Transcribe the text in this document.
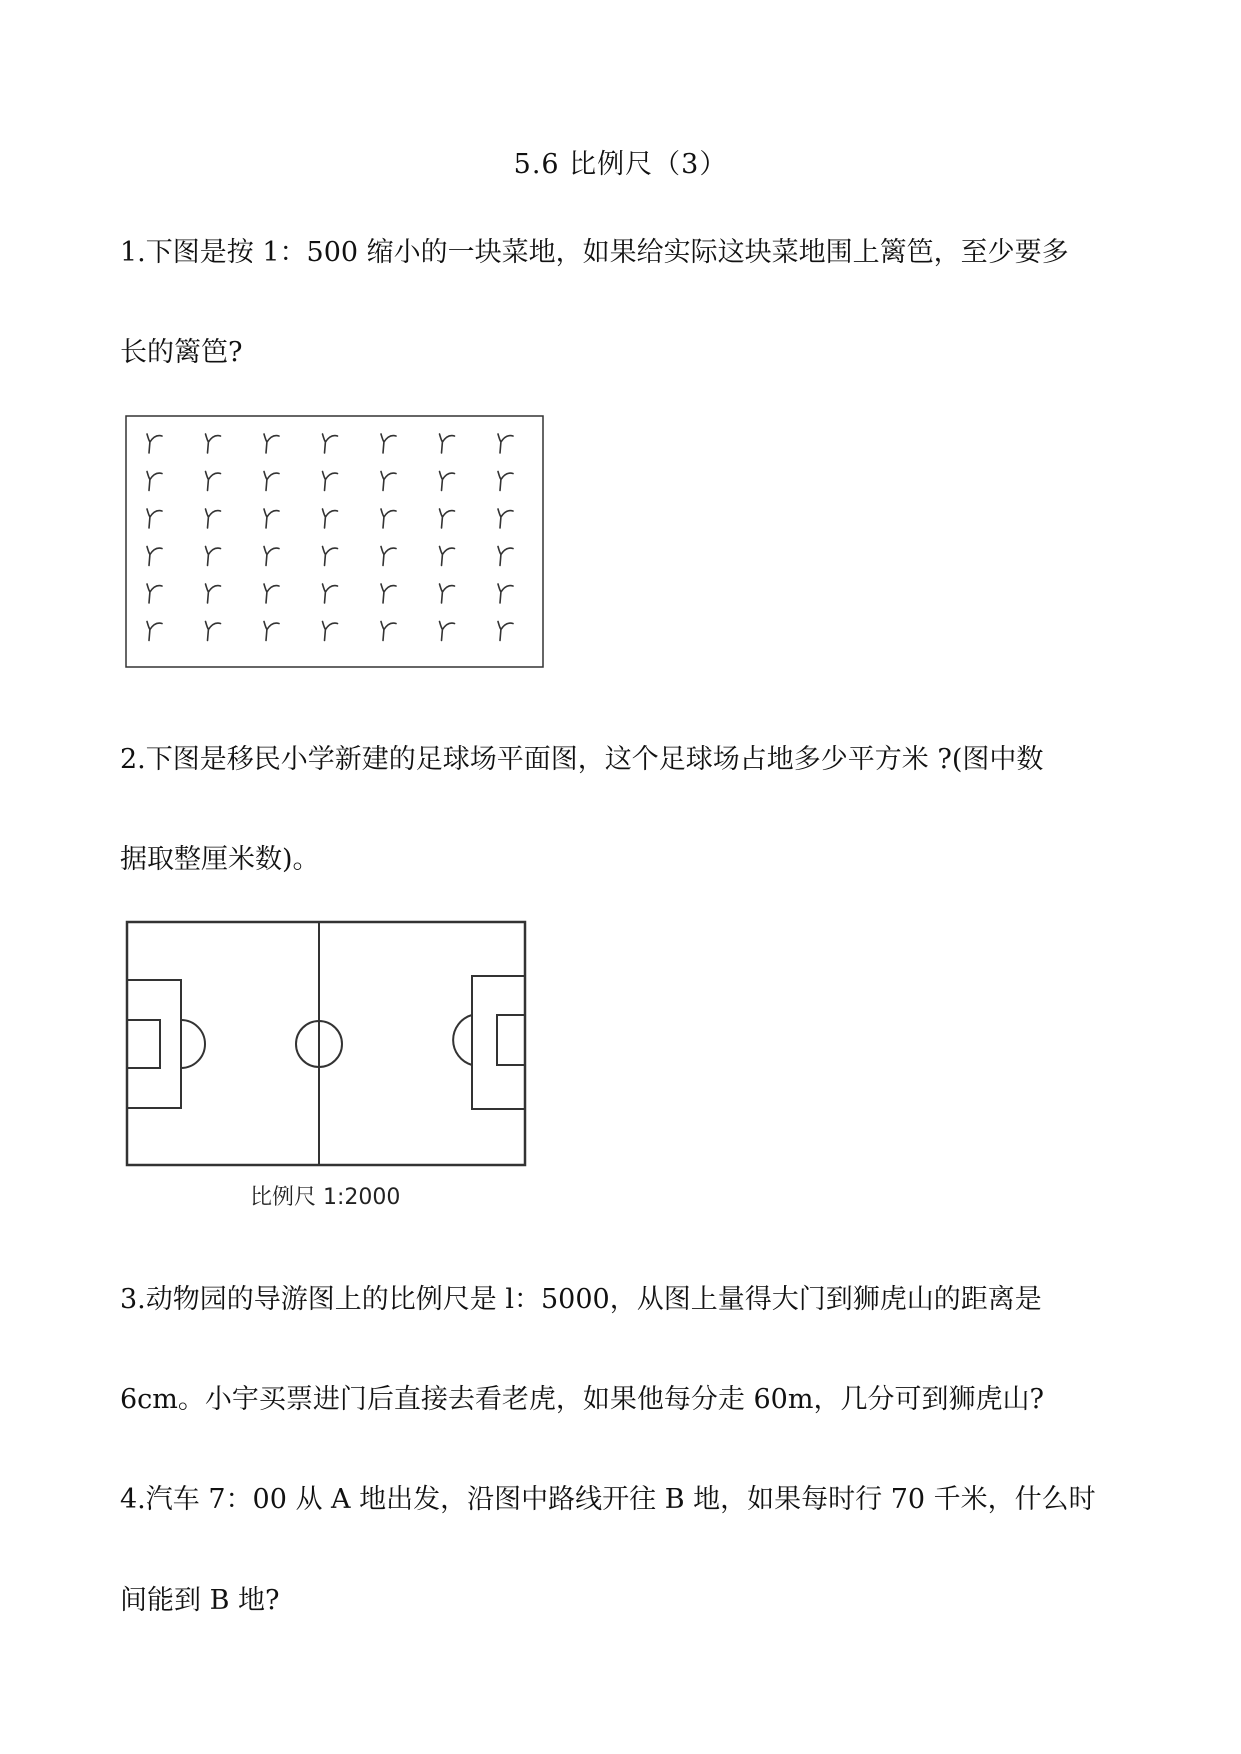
5.6 比例尺（3）
1.下图是按 1：500 缩小的一块菜地，如果给实际这块菜地围上篱笆，至少要多
长的篱笆?
2.下图是移民小学新建的足球场平面图，这个足球场占地多少平方米 ?(图中数
据取整厘米数)。
比例尺 1:2000
3.动物园的导游图上的比例尺是 l：5000，从图上量得大门到狮虎山的距离是
6cm。小宇买票进门后直接去看老虎，如果他每分走 60m，几分可到狮虎山?
4.汽车 7：00 从 A 地出发，沿图中路线开往 B 地，如果每时行 70 千米，什么时
间能到 B 地?
